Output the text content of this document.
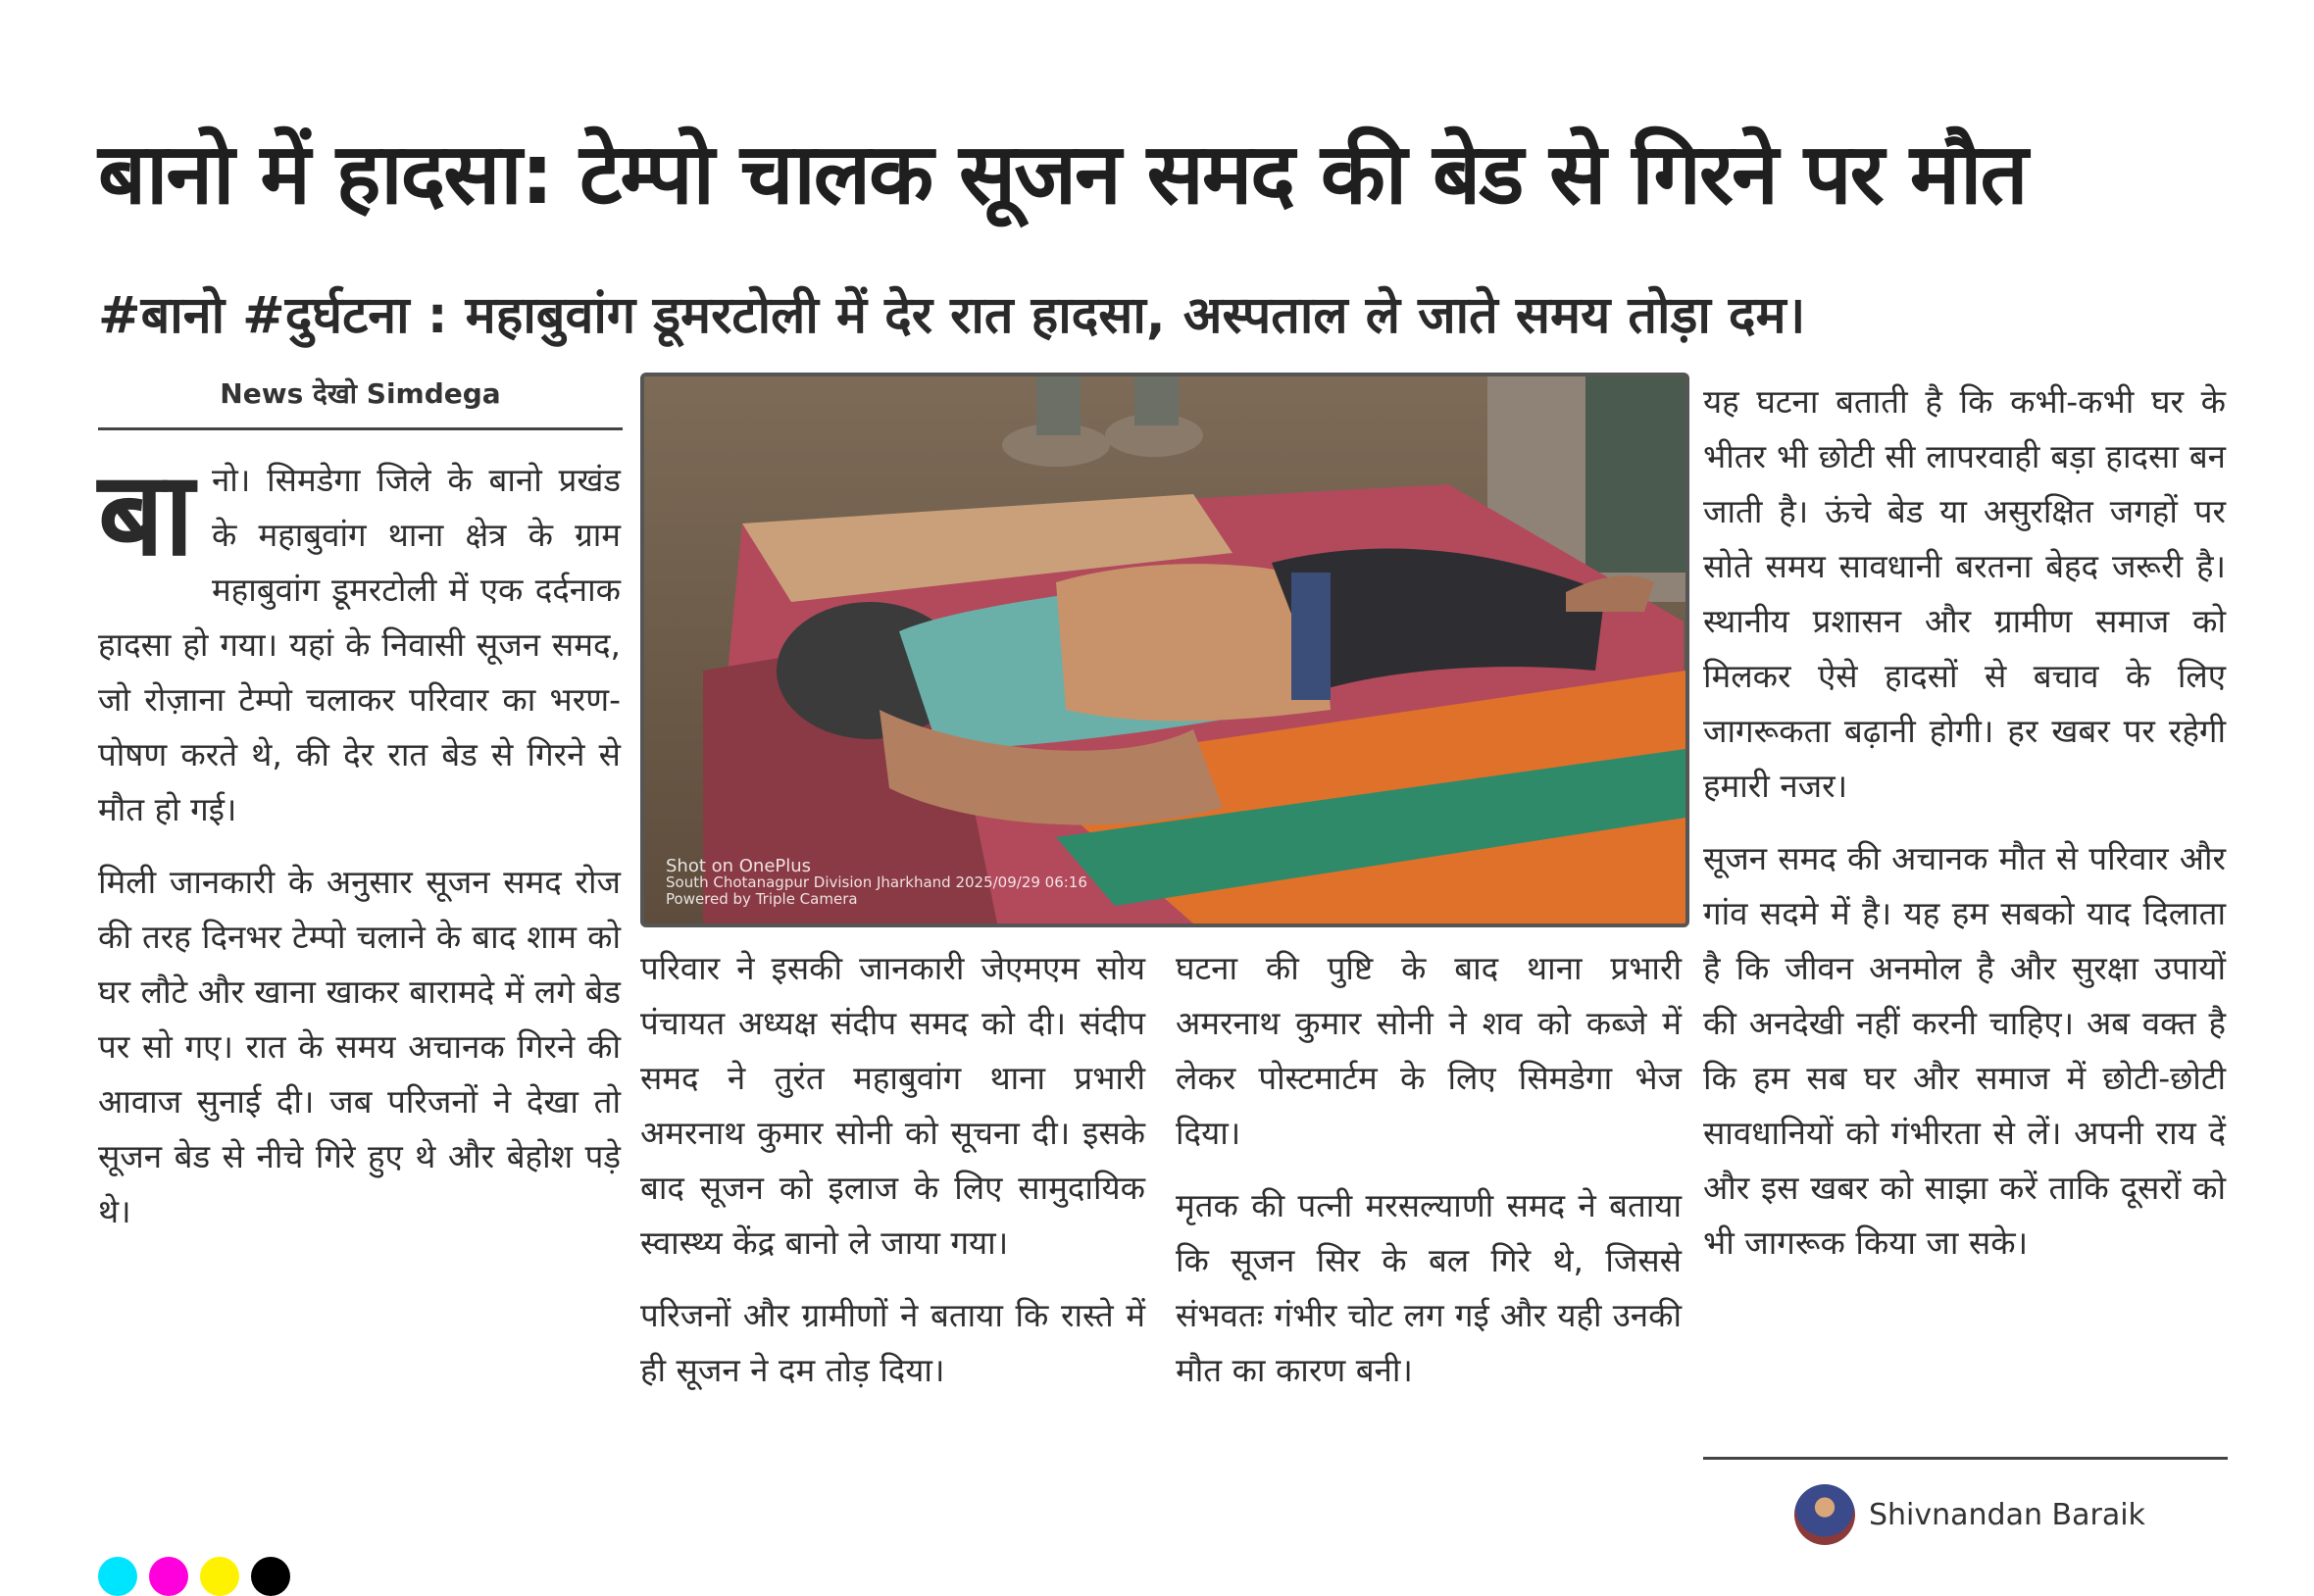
बानो में हादसा: टेम्पो चालक सूजन समद की बेड से गिरने पर मौत
#बानो #दुर्घटना : महाबुवांग डूमरटोली में देर रात हादसा, अस्पताल ले जाते समय तोड़ा दम।
News देखो Simdega

बानो। सिमडेगा जिले के बानो प्रखंड के महाबुवांग थाना क्षेत्र के ग्राम महाबुवांग डूमरटोली में एक दर्दनाक हादसा हो गया। यहां के निवासी सूजन समद, जो रोज़ाना टेम्पो चलाकर परिवार का भरण-पोषण करते थे, की देर रात बेड से गिरने से मौत हो गई।

मिली जानकारी के अनुसार सूजन समद रोज की तरह दिनभर टेम्पो चलाने के बाद शाम को घर लौटे और खाना खाकर बारामदे में लगे बेड पर सो गए। रात के समय अचानक गिरने की आवाज सुनाई दी। जब परिजनों ने देखा तो सूजन बेड से नीचे गिरे हुए थे और बेहोश पड़े थे।

Shot on OnePlus
South Chotanagpur Division Jharkhand 2025/09/29 06:16
Powered by Triple Camera

परिवार ने इसकी जानकारी जेएमएम सोय पंचायत अध्यक्ष संदीप समद को दी। संदीप समद ने तुरंत महाबुवांग थाना प्रभारी अमरनाथ कुमार सोनी को सूचना दी। इसके बाद सूजन को इलाज के लिए सामुदायिक स्वास्थ्य केंद्र बानो ले जाया गया।

परिजनों और ग्रामीणों ने बताया कि रास्ते में ही सूजन ने दम तोड़ दिया।

घटना की पुष्टि के बाद थाना प्रभारी अमरनाथ कुमार सोनी ने शव को कब्जे में लेकर पोस्टमार्टम के लिए सिमडेगा भेज दिया।

मृतक की पत्नी मरसल्याणी समद ने बताया कि सूजन सिर के बल गिरे थे, जिससे संभवतः गंभीर चोट लग गई और यही उनकी मौत का कारण बनी।

यह घटना बताती है कि कभी-कभी घर के भीतर भी छोटी सी लापरवाही बड़ा हादसा बन जाती है। ऊंचे बेड या असुरक्षित जगहों पर सोते समय सावधानी बरतना बेहद जरूरी है। स्थानीय प्रशासन और ग्रामीण समाज को मिलकर ऐसे हादसों से बचाव के लिए जागरूकता बढ़ानी होगी। हर खबर पर रहेगी हमारी नजर।

सूजन समद की अचानक मौत से परिवार और गांव सदमे में है। यह हम सबको याद दिलाता है कि जीवन अनमोल है और सुरक्षा उपायों की अनदेखी नहीं करनी चाहिए। अब वक्त है कि हम सब घर और समाज में छोटी-छोटी सावधानियों को गंभीरता से लें। अपनी राय दें और इस खबर को साझा करें ताकि दूसरों को भी जागरूक किया जा सके।

Shivnandan Baraik
